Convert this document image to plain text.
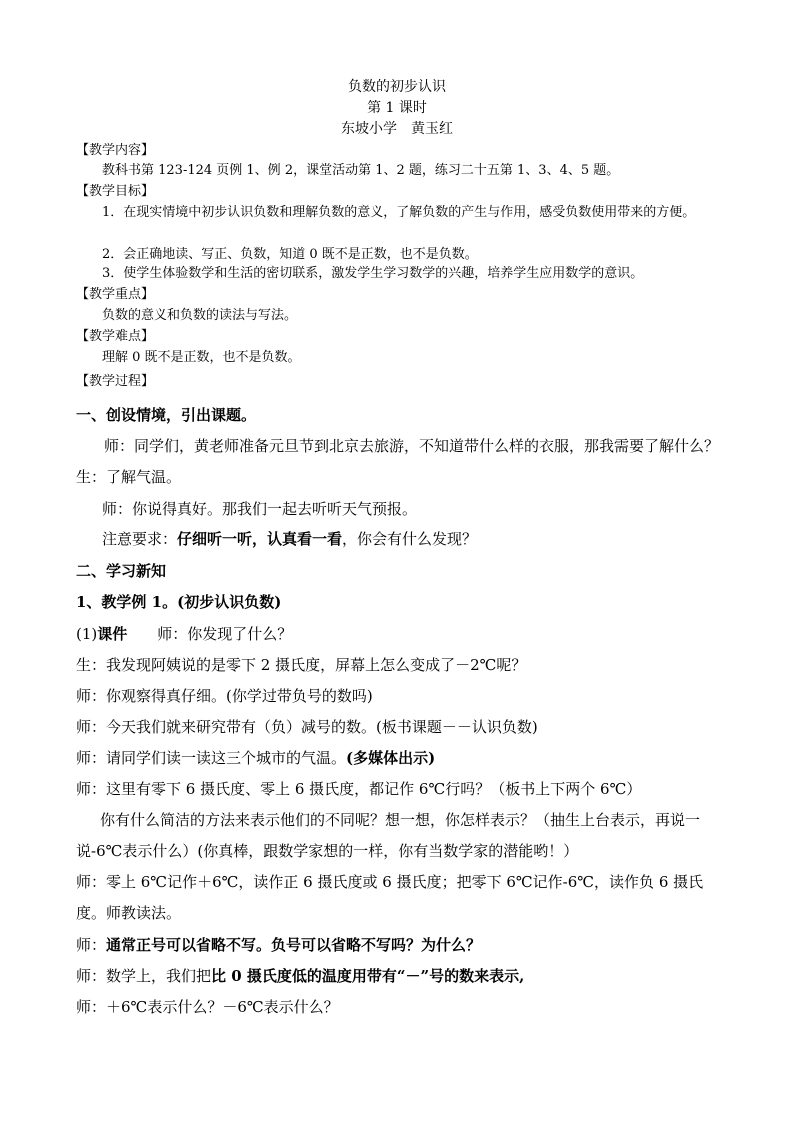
负数的初步认识
第 1 课时
东坡小学　黄玉红
【教学内容】
教科书第 123-124 页例 1、例 2，课堂活动第 1、2 题，练习二十五第 1、3、4、5 题。
【教学目标】
1．在现实情境中初步认识负数和理解负数的意义，了解负数的产生与作用，感受负数使用带来的方便。
2．会正确地读、写正、负数，知道 0 既不是正数，也不是负数。
3．使学生体验数学和生活的密切联系，激发学生学习数学的兴趣，培养学生应用数学的意识。
【教学重点】
负数的意义和负数的读法与写法。
【教学难点】
理解 0 既不是正数，也不是负数。
【教学过程】
一、创设情境，引出课题。
师：同学们，黄老师准备元旦节到北京去旅游，不知道带什么样的衣服，那我需要了解什么？生：了解气温。
师：你说得真好。那我们一起去听听天气预报。
注意要求：仔细听一听，认真看一看，你会有什么发现？
二、学习新知
1、教学例 1。(初步认识负数)
(1)课件　　师：你发现了什么？
生：我发现阿姨说的是零下 2 摄氏度，屏幕上怎么变成了－2℃呢？
师：你观察得真仔细。(你学过带负号的数吗)
师：今天我们就来研究带有（负）减号的数。(板书课题－－认识负数)
师：请同学们读一读这三个城市的气温。(多媒体出示)
师：这里有零下 6 摄氏度、零上 6 摄氏度，都记作 6℃行吗？（板书上下两个 6℃）
你有什么简洁的方法来表示他们的不同呢？想一想，你怎样表示？（抽生上台表示，再说一说-6℃表示什么）(你真棒，跟数学家想的一样，你有当数学家的潜能哟！）
师：零上 6℃记作＋6℃，读作正 6 摄氏度或 6 摄氏度；把零下 6℃记作-6℃，读作负 6 摄氏度。师教读法。
师：通常正号可以省略不写。负号可以省略不写吗？为什么？
师：数学上，我们把比 0 摄氏度低的温度用带有“－”号的数来表示,
师：＋6℃表示什么？－6℃表示什么？
